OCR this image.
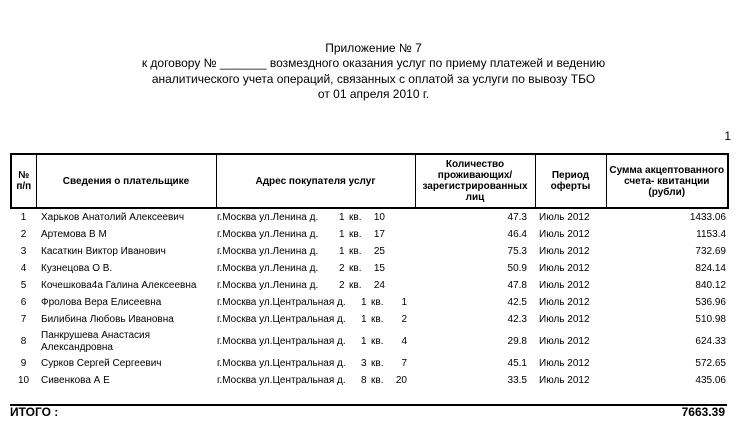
Приложение № 7
к договору № _______ возмездного оказания услуг по приему платежей и ведению
аналитического учета операций, связанных с оплатой за услуги по вывозу ТБО
от 01 апреля 2010 г.
1
№ п/п	Сведения о плательщике	Адрес покупателя услуг	Количество проживающих/зарегистрированных лиц	Период оферты	Сумма акцептованного счета- квитанции (рубли)
1	Харьков Анатолий Алексеевич	г.Москва ул.Ленина д. 1 кв. 10	47.3	Июль 2012	1433.06
2	Артемова В М	г.Москва ул.Ленина д. 1 кв. 17	46.4	Июль 2012	1153.4
3	Касаткин Виктор Иванович	г.Москва ул.Ленина д. 1 кв. 25	75.3	Июль 2012	732.69
4	Кузнецова О В.	г.Москва ул.Ленина д. 2 кв. 15	50.9	Июль 2012	824.14
5	Кочешкова4а Галина Алексеевна	г.Москва ул.Ленина д. 2 кв. 24	47.8	Июль 2012	840.12
6	Фролова Вера Елисеевна	г.Москва ул.Центральная д. 1 кв. 1	42.5	Июль 2012	536.96
7	Билибина Любовь Ивановна	г.Москва ул.Центральная д. 1 кв. 2	42.3	Июль 2012	510.98
8	Панкрушева Анастасия Александровна	г.Москва ул.Центральная д. 1 кв. 4	29.8	Июль 2012	624.33
9	Сурков Сергей Сергеевич	г.Москва ул.Центральная д. 3 кв. 7	45.1	Июль 2012	572.65
10	Сивенкова А Е	г.Москва ул.Центральная д. 8 кв. 20	33.5	Июль 2012	435.06
ИТОГО :	7663.39
